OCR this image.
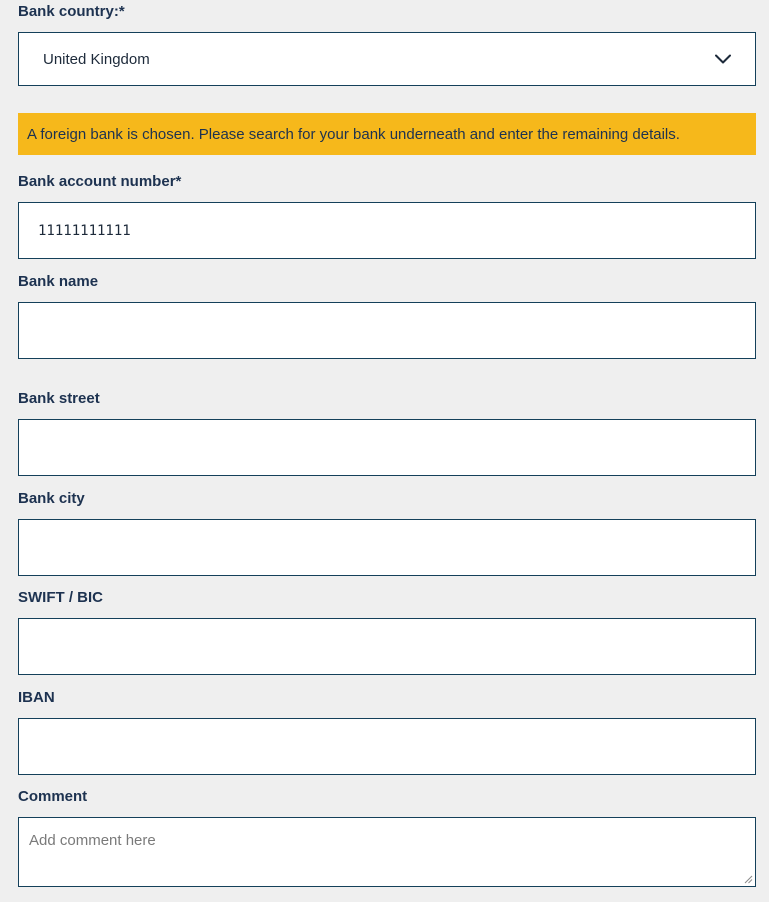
Bank country:*
United Kingdom
A foreign bank is chosen. Please search for your bank underneath and enter the remaining details.
Bank account number*
11111111111
Bank name
Bank street
Bank city
SWIFT / BIC
IBAN
Comment
Add comment here
